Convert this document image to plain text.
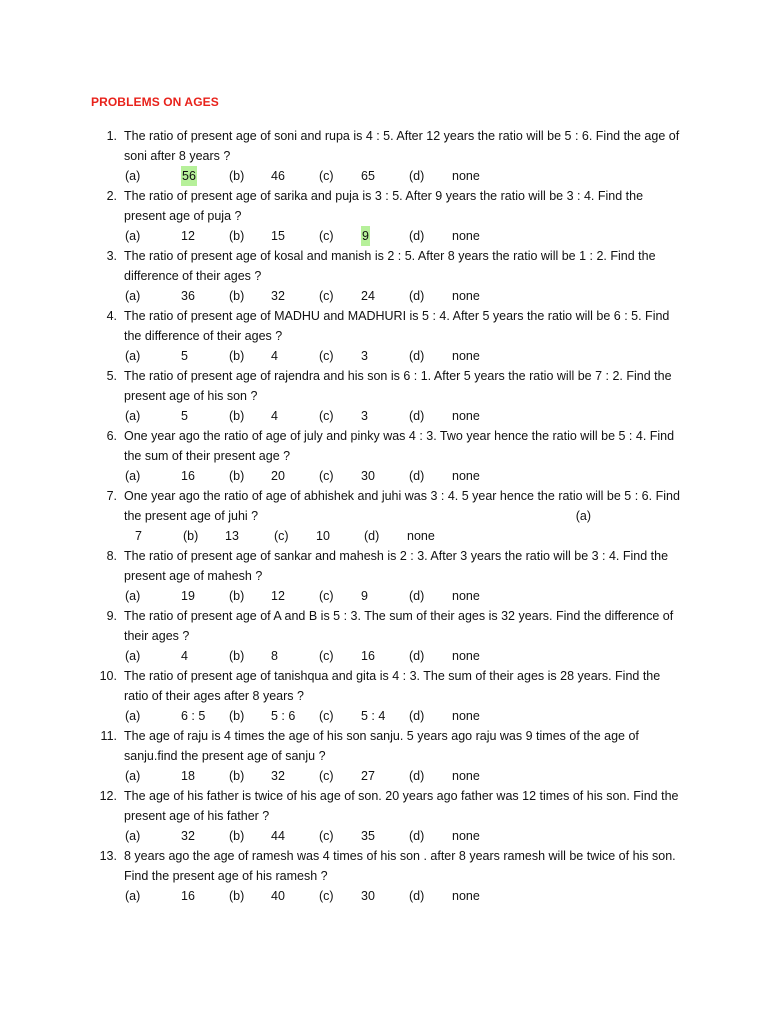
PROBLEMS ON AGES
1. The ratio of present age of soni and rupa is 4 : 5. After 12 years the ratio will be 5 : 6. Find the age of soni after 8 years ?
(a)	56	(b) 46	(c) 65	(d) none
2. The ratio of present age of sarika and puja is 3 : 5. After 9 years the ratio will be 3 : 4. Find the present age of puja ?
(a)	12	(b) 15	(c) 9	(d) none
3. The ratio of present age of kosal and manish is 2 : 5. After 8 years the ratio will be 1 : 2. Find the difference of their ages ?
(a)	36	(b) 32	(c) 24	(d) none
4. The ratio of present age of MADHU and MADHURI is 5 : 4. After 5 years the ratio will be 6 : 5. Find the difference of their ages ?
(a)	5	(b) 4	(c) 3	(d) none
5. The ratio of present age of rajendra and his son is 6 : 1. After 5 years the ratio will be 7 : 2. Find the present age of his son ?
(a)	5	(b) 4	(c) 3	(d) none
6. One year ago the ratio of age of july and pinky was 4 : 3. Two year hence the ratio will be 5 : 4. Find the sum of their present age ?
(a)	16	(b) 20	(c) 30	(d) none
7. One year ago the ratio of age of abhishek and juhi was 3 : 4. 5 year hence the ratio will be 5 : 6. Find the present age of juhi ?	(a)
7	(b) 13	(c) 10	(d) none
8. The ratio of present age of sankar and mahesh is 2 : 3. After 3 years the ratio will be 3 : 4. Find the present age of mahesh ?
(a)	19	(b) 12	(c) 9	(d) none
9. The ratio of present age of A and B is 5 : 3. The sum of their ages is 32 years. Find the difference of their ages ?
(a)	4	(b) 8	(c) 16	(d) none
10. The ratio of present age of tanishqua and gita is 4 : 3. The sum of their ages is 28 years. Find the ratio of their ages after 8 years ?
(a)	6 : 5 (b) 5 : 6 (c) 5 : 4 (d) none
11. The age of raju is 4 times the age of his son sanju. 5 years ago raju was 9 times of the age of sanju.find the present age of sanju ?
(a)	18	(b) 32	(c) 27	(d) none
12. The age of his father is twice of his age of son. 20 years ago father was 12 times of his son. Find the present age of his father ?
(a)	32	(b) 44	(c) 35	(d) none
13. 8 years ago the age of ramesh was 4 times of his son . after 8 years ramesh will be twice of his son. Find the present age of his ramesh ?
(a)	16	(b) 40	(c) 30	(d) none
